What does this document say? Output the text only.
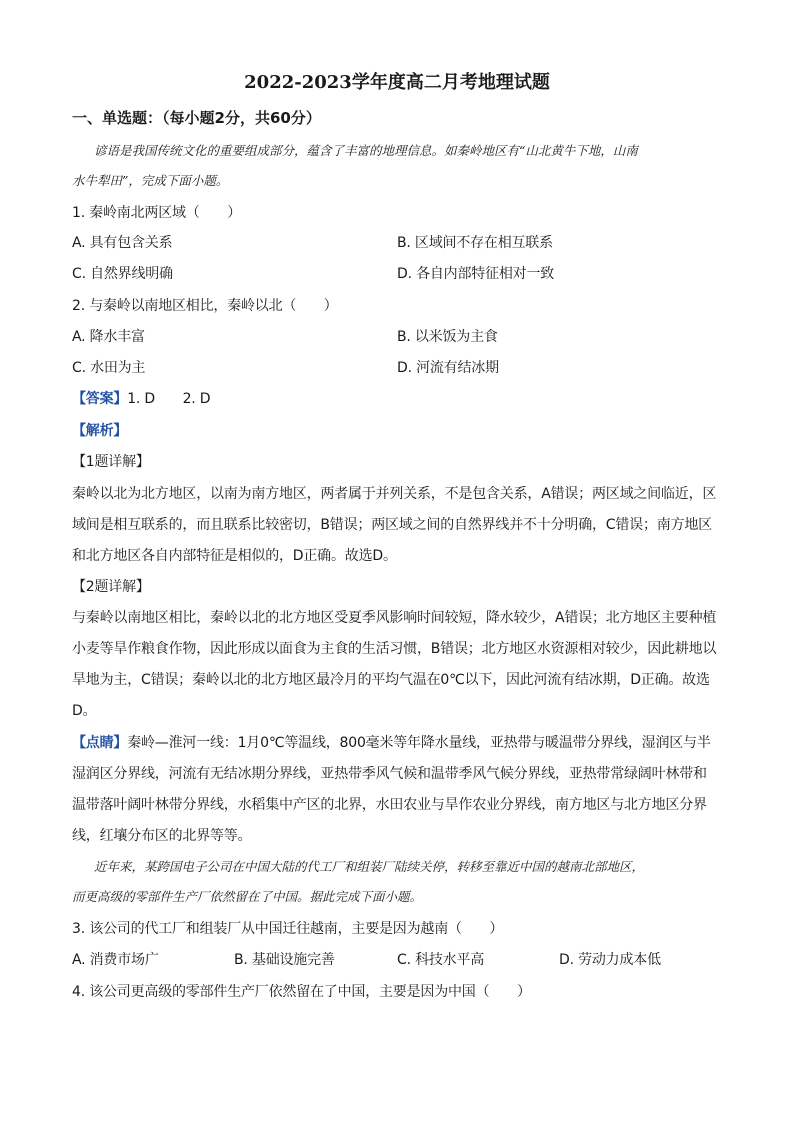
2022-2023学年度高二月考地理试题
一、单选题：（每小题2分，共60分）
谚语是我国传统文化的重要组成部分，蕴含了丰富的地理信息。如秦岭地区有“山北黄牛下地，山南
水牛犁田”，完成下面小题。
1. 秦岭南北两区域（　　）
A. 具有包含关系	B. 区域间不存在相互联系
C. 自然界线明确	D. 各自内部特征相对一致
2. 与秦岭以南地区相比，秦岭以北（　　）
A. 降水丰富	B. 以米饭为主食
C. 水田为主	D. 河流有结冰期
【答案】1. D　　2. D
【解析】
【1题详解】
秦岭以北为北方地区，以南为南方地区，两者属于并列关系，不是包含关系，A错误；两区域之间临近，区
域间是相互联系的，而且联系比较密切，B错误；两区域之间的自然界线并不十分明确，C错误；南方地区
和北方地区各自内部特征是相似的，D正确。故选D。
【2题详解】
与秦岭以南地区相比，秦岭以北的北方地区受夏季风影响时间较短，降水较少，A错误；北方地区主要种植
小麦等旱作粮食作物，因此形成以面食为主食的生活习惯，B错误；北方地区水资源相对较少，因此耕地以
旱地为主，C错误；秦岭以北的北方地区最冷月的平均气温在0℃以下，因此河流有结冰期，D正确。故选
D。
【点睛】秦岭—淮河一线：1月0℃等温线，800毫米等年降水量线，亚热带与暖温带分界线，湿润区与半
湿润区分界线，河流有无结冰期分界线，亚热带季风气候和温带季风气候分界线，亚热带常绿阔叶林带和
温带落叶阔叶林带分界线，水稻集中产区的北界，水田农业与旱作农业分界线，南方地区与北方地区分界
线，红壤分布区的北界等等。
近年来，某跨国电子公司在中国大陆的代工厂和组装厂陆续关停，转移至靠近中国的越南北部地区，
而更高级的零部件生产厂依然留在了中国。据此完成下面小题。
3. 该公司的代工厂和组装厂从中国迁往越南，主要是因为越南（　　）
A. 消费市场广	B. 基础设施完善	C. 科技水平高	D. 劳动力成本低
4. 该公司更高级的零部件生产厂依然留在了中国，主要是因为中国（　　）
